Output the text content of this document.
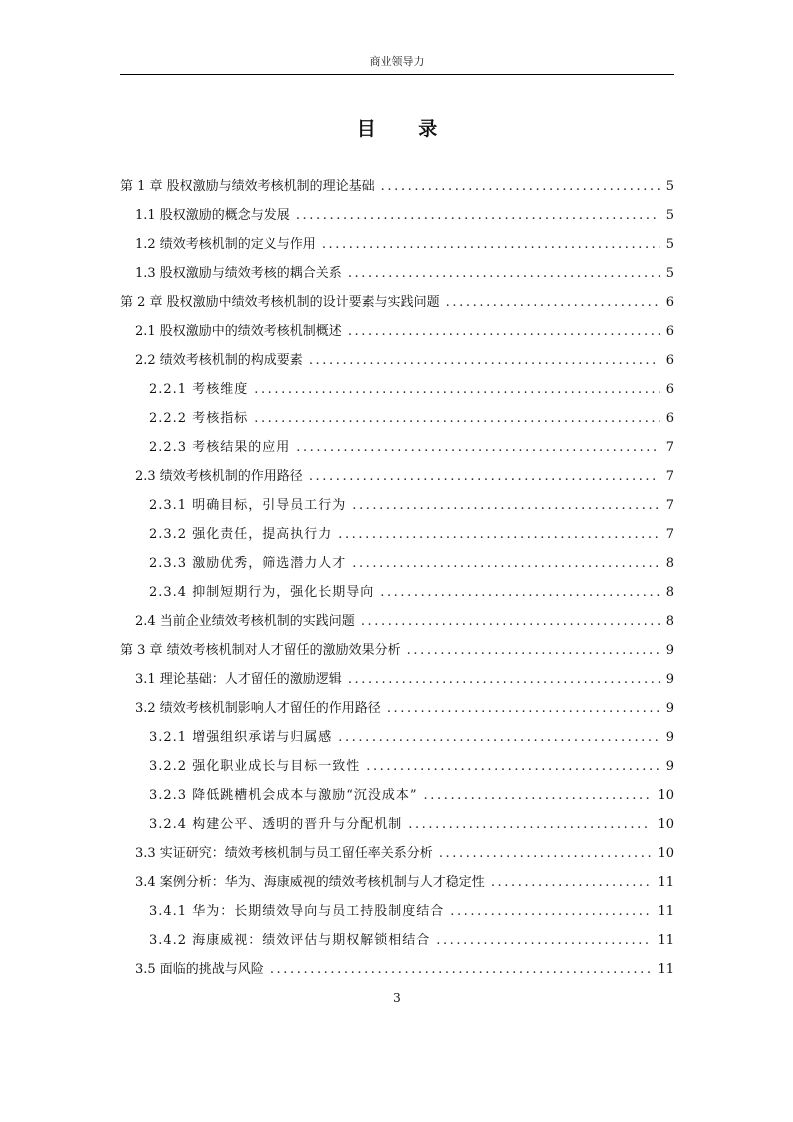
商业领导力
目 录
第 1 章 股权激励与绩效考核机制的理论基础 .....	5
1.1 股权激励的概念与发展 .....	5
1.2 绩效考核机制的定义与作用 .....	5
1.3 股权激励与绩效考核的耦合关系 .....	5
第 2 章 股权激励中绩效考核机制的设计要素与实践问题 .....	6
2.1 股权激励中的绩效考核机制概述 .....	6
2.2 绩效考核机制的构成要素 .....	6
2.2.1 考核维度 .....	6
2.2.2 考核指标 .....	6
2.2.3 考核结果的应用 .....	7
2.3 绩效考核机制的作用路径 .....	7
2.3.1 明确目标，引导员工行为 .....	7
2.3.2 强化责任，提高执行力 .....	7
2.3.3 激励优秀，筛选潜力人才 .....	8
2.3.4 抑制短期行为，强化长期导向 .....	8
2.4 当前企业绩效考核机制的实践问题 .....	8
第 3 章 绩效考核机制对人才留任的激励效果分析 .....	9
3.1 理论基础：人才留任的激励逻辑 .....	9
3.2 绩效考核机制影响人才留任的作用路径 .....	9
3.2.1 增强组织承诺与归属感 .....	9
3.2.2 强化职业成长与目标一致性 .....	9
3.2.3 降低跳槽机会成本与激励“沉没成本” .....	10
3.2.4 构建公平、透明的晋升与分配机制 .....	10
3.3 实证研究：绩效考核机制与员工留任率关系分析 .....	10
3.4 案例分析：华为、海康威视的绩效考核机制与人才稳定性 .....	11
3.4.1 华为：长期绩效导向与员工持股制度结合 .....	11
3.4.2 海康威视：绩效评估与期权解锁相结合 .....	11
3.5 面临的挑战与风险 .....	11
3
